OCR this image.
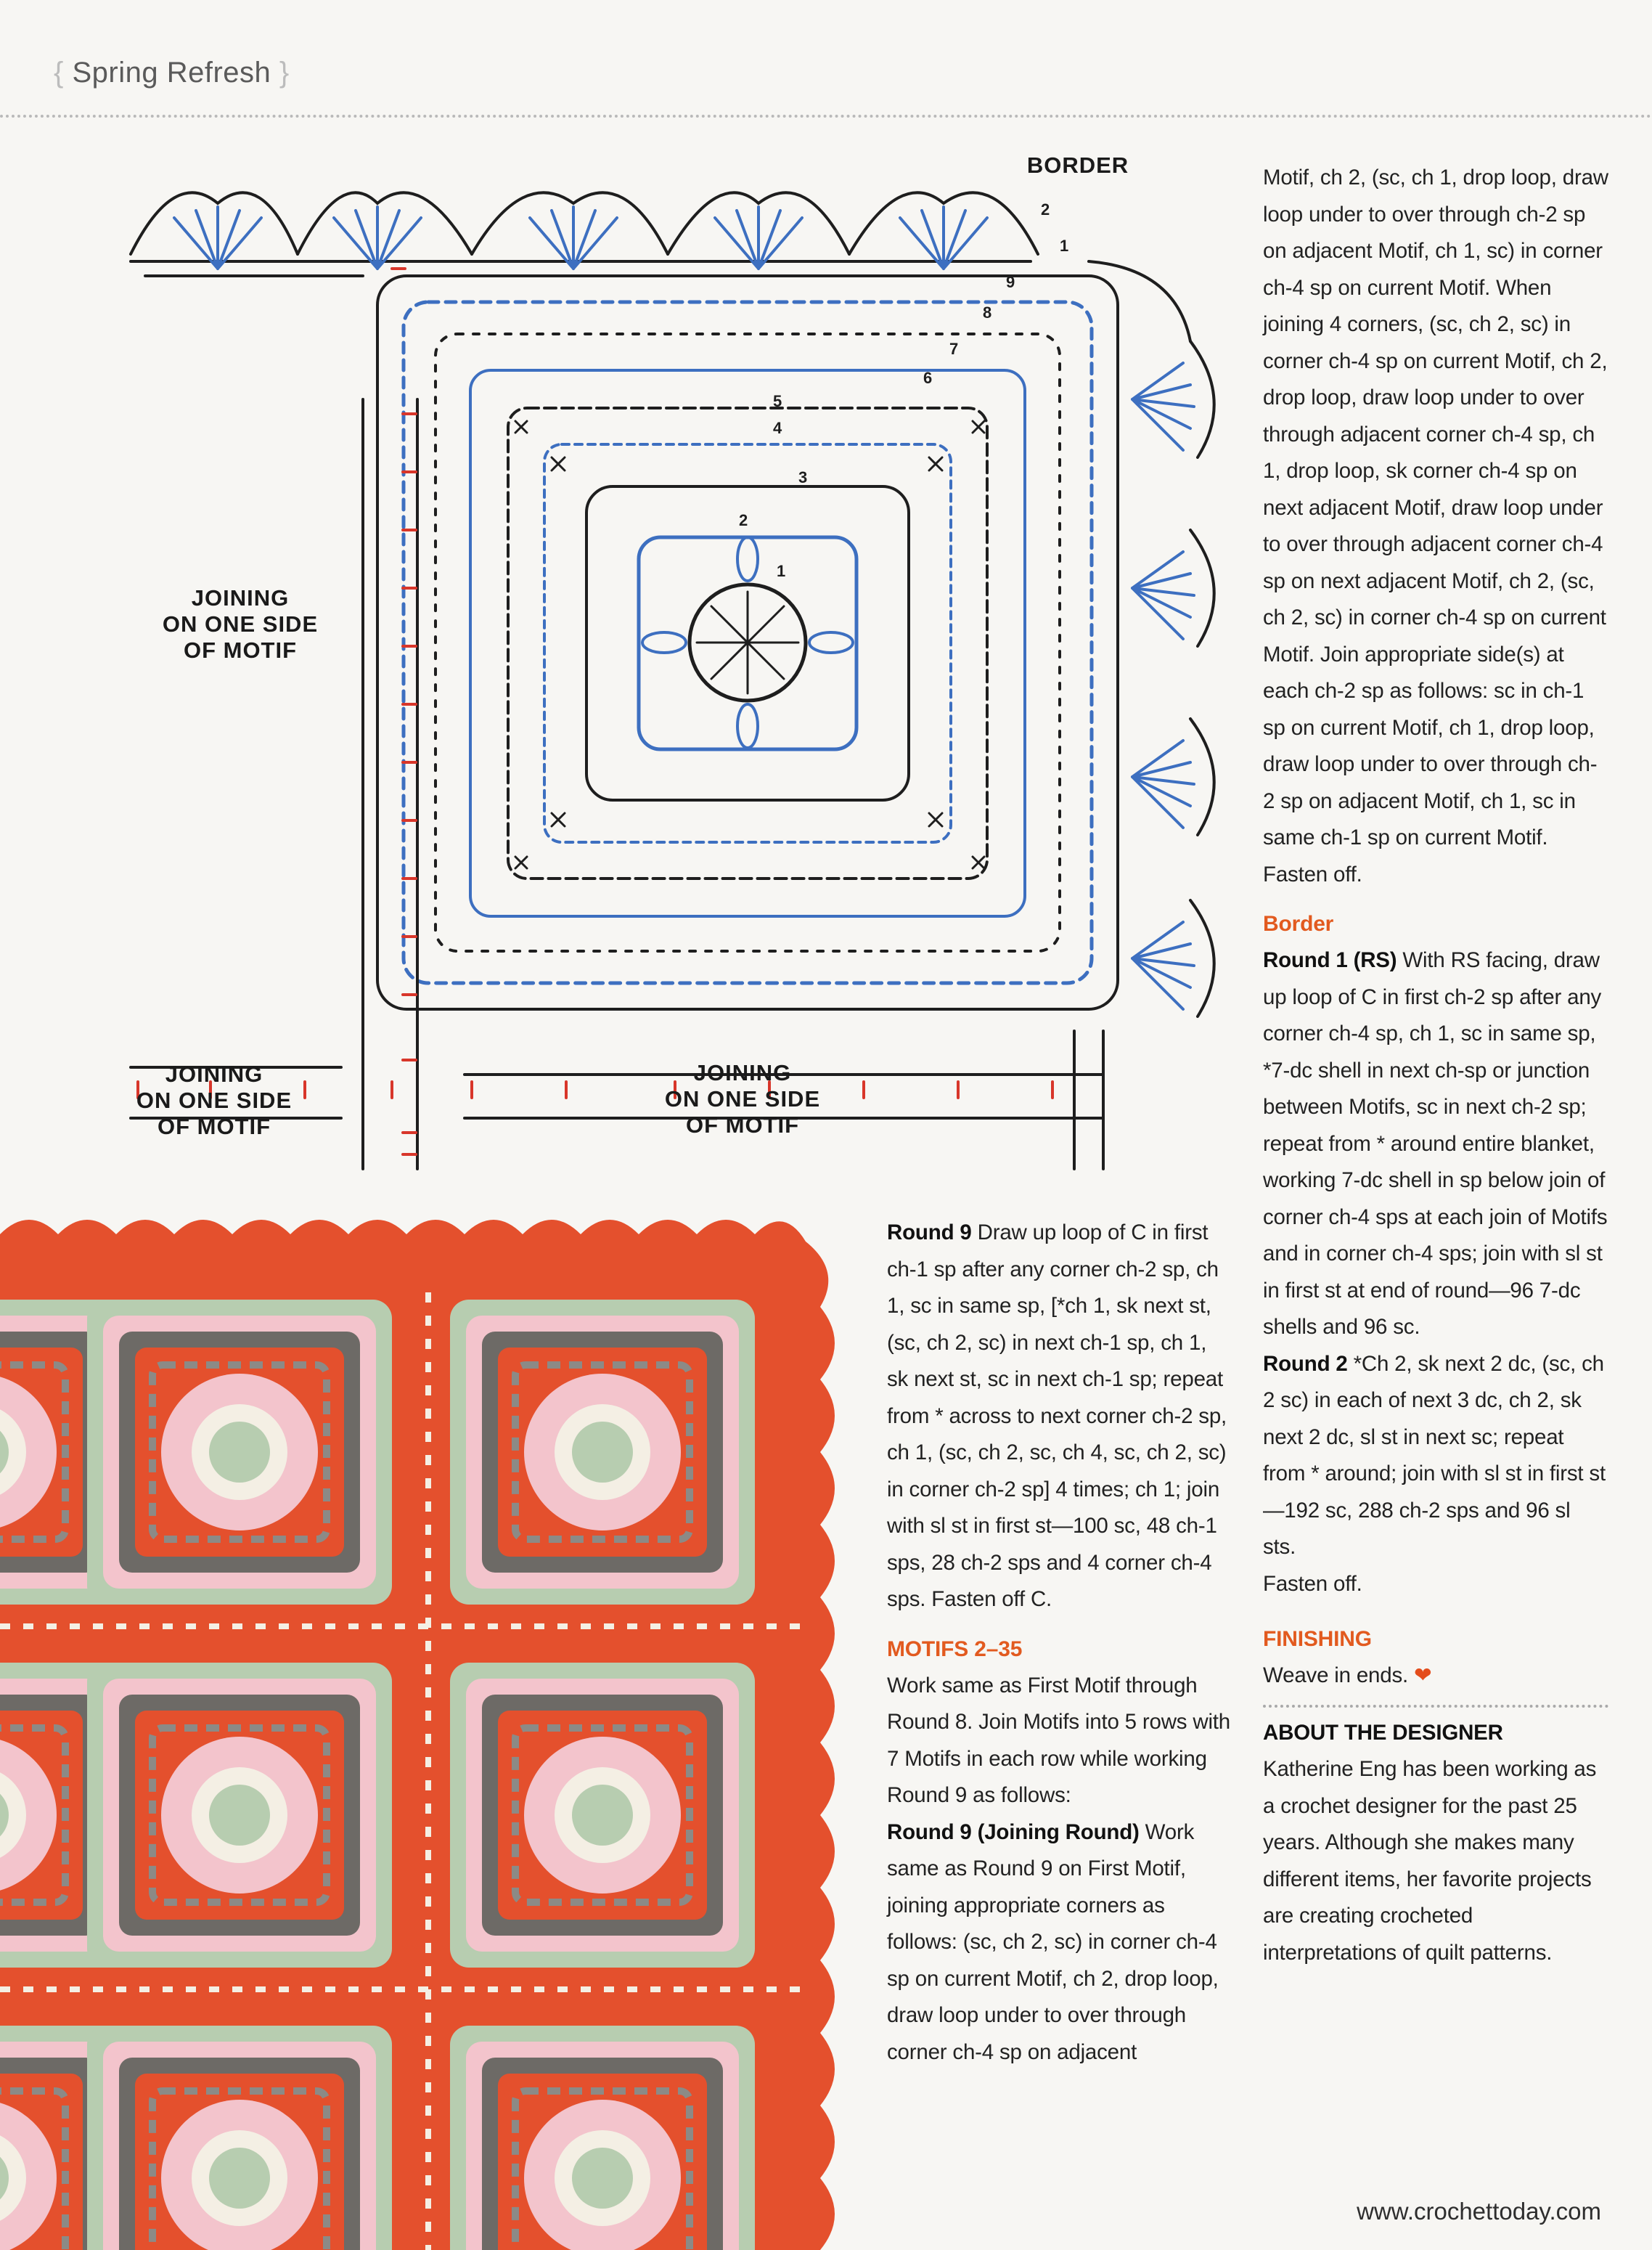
{ Spring Refresh }
1
2
3
4
5
6
7
8
9
1
2
BORDER
JOINING
ON ONE SIDE
OF MOTIF
JOINING
ON ONE SIDE
OF MOTIF
JOINING
ON ONE SIDE
OF MOTIF

Round 9 Draw up loop of C in first ch-1 sp after any corner ch-2 sp, ch 1, sc in same sp, [*ch 1, sk next st, (sc, ch 2, sc) in next ch-1 sp, ch 1, sk next st, sc in next ch-1 sp; repeat from * across to next corner ch-2 sp, ch 1, (sc, ch 2, sc, ch 4, sc, ch 2, sc) in corner ch-2 sp] 4 times; ch 1; join with sl st in first st—100 sc, 48 ch-1 sps, 28 ch-2 sps and 4 corner ch-4 sps. Fasten off C.

MOTIFS 2–35

Work same as First Motif through Round 8. Join Motifs into 5 rows with 7 Motifs in each row while working Round 9 as follows:

Round 9 (Joining Round) Work same as Round 9 on First Motif, joining appropriate corners as follows: (sc, ch 2, sc) in corner ch-4 sp on current Motif, ch 2, drop loop, draw loop under to over through corner ch-4 sp on adjacent

Motif, ch 2, (sc, ch 1, drop loop, draw loop under to over through ch-2 sp on adjacent Motif, ch 1, sc) in corner ch-4 sp on current Motif. When joining 4 corners, (sc, ch 2, sc) in corner ch-4 sp on current Motif, ch 2, drop loop, draw loop under to over through adjacent corner ch-4 sp, ch 1, drop loop, sk corner ch-4 sp on next adjacent Motif, draw loop under to over through adjacent corner ch-4 sp on next adjacent Motif, ch 2, (sc, ch 2, sc) in corner ch-4 sp on current Motif. Join appropriate side(s) at each ch-2 sp as follows: sc in ch-1 sp on current Motif, ch 1, drop loop, draw loop under to over through ch-2 sp on adjacent Motif, ch 1, sc in same ch-1 sp on current Motif.

Fasten off.

Border

Round 1 (RS) With RS facing, draw up loop of C in first ch-2 sp after any corner ch-4 sp, ch 1, sc in same sp, *7-dc shell in next ch-sp or junction between Motifs, sc in next ch-2 sp; repeat from * around entire blanket, working 7-dc shell in sp below join of corner ch-4 sps at each join of Motifs and in corner ch-4 sps; join with sl st in first st at end of round—96 7-dc shells and 96 sc.

Round 2 *Ch 2, sk next 2 dc, (sc, ch 2 sc) in each of next 3 dc, ch 2, sk next 2 dc, sl st in next sc; repeat from * around; join with sl st in first st—192 sc, 288 ch-2 sps and 96 sl sts.

Fasten off.

FINISHING

Weave in ends. ❤

ABOUT THE DESIGNER

Katherine Eng has been working as a crochet designer for the past 25 years. Although she makes many different items, her favorite projects are creating crocheted interpretations of quilt patterns.

www.crochettoday.com
